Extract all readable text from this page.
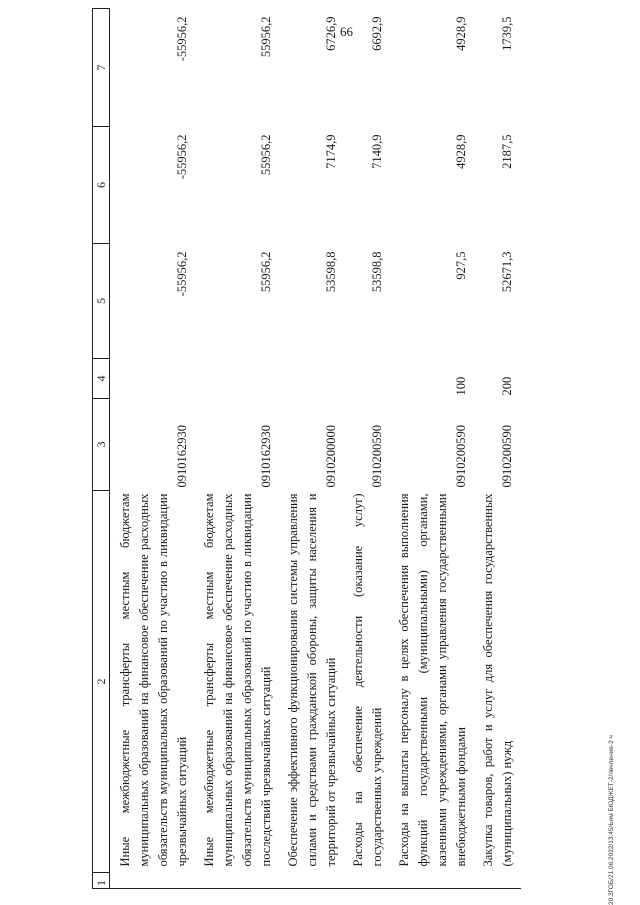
66
1	2	3	4	5	6	7
	Иные межбюджетные трансферты местным бюджетам муниципальных образований на финансовое обеспечение расходных обязательств муниципальных образований по участию в ликвидации чрезвычайных ситуаций	0910162930		-55956,2	-55956,2	-55956,2
	Иные межбюджетные трансферты местным бюджетам муниципальных образований на финансовое обеспечение расходных обязательств муниципальных образований по участию в ликвидации последствий чрезвычайных ситуаций	0910162930		55956,2	55956,2	55956,2
	Обеспечение эффективного функционирования системы управления силами и средствами гражданской обороны, защиты населения и территорий от чрезвычайных ситуаций	0910200000		53598,8	7174,9	6726,9
	Расходы на обеспечение деятельности (оказание услуг) государственных учреждений	0910200590		53598,8	7140,9	6692,9
	Расходы на выплаты персоналу в целях обеспечения выполнения функций государственными (муниципальными) органами, казенными учреждениями, органами управления государственными внебюджетными фондами	0910200590	100	927,5	4928,9	4928,9
	Закупка товаров, работ и услуг для обеспечения государственных (муниципальных) нужд	0910200590	200	52671,3	2187,5	1739,5
20.3ГОБ/21.06.2022/13:45/Ьим БЮДЖЕТ-2/печление-2 ч
